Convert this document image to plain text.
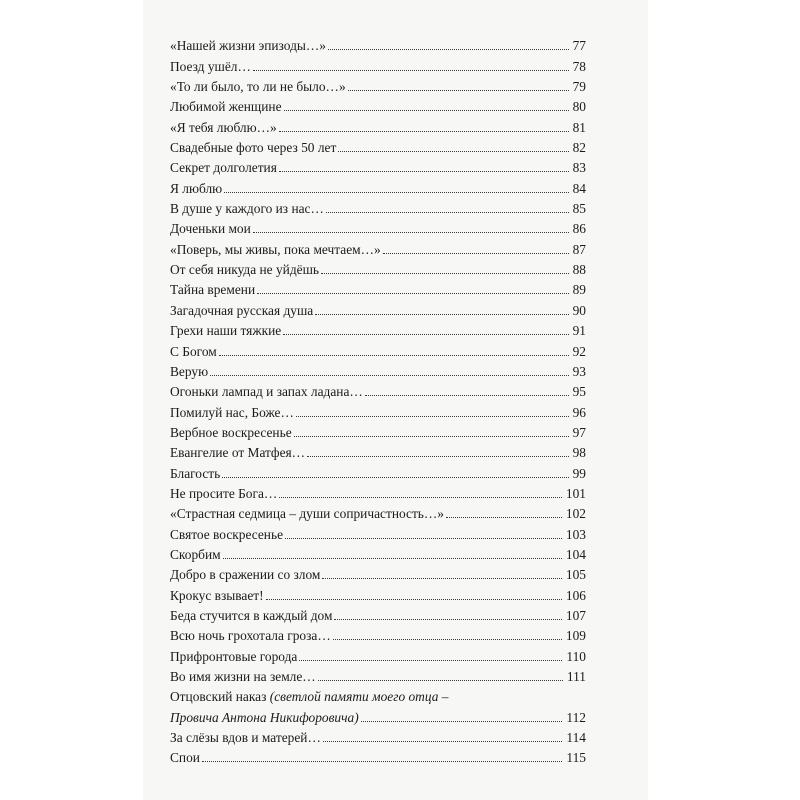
«Нашей жизни эпизоды…»	77
Поезд ушёл…	78
«То ли было, то ли не было…»	79
Любимой женщине	80
«Я тебя люблю…»	81
Свадебные фото через 50 лет	82
Секрет долголетия	83
Я люблю	84
В душе у каждого из нас…	85
Доченьки мои	86
«Поверь, мы живы, пока мечтаем…»	87
От себя никуда не уйдёшь	88
Тайна времени	89
Загадочная русская душа	90
Грехи наши тяжкие	91
С Богом	92
Верую	93
Огоньки лампад и запах ладана…	95
Помилуй нас, Боже…	96
Вербное воскресенье	97
Евангелие от Матфея…	98
Благость	99
Не просите Бога…	101
«Страстная седмица – души сопричастность…»	102
Святое воскресенье	103
Скорбим	104
Добро в сражении со злом	105
Крокус взывает!	106
Беда стучится в каждый дом	107
Всю ночь грохотала гроза…	109
Прифронтовые города	110
Во имя жизни на земле…	111
Отцовский наказ (светлой памяти моего отца –
Провича Антона Никифоровича)	112
За слёзы вдов и матерей…	114
Спои	115
